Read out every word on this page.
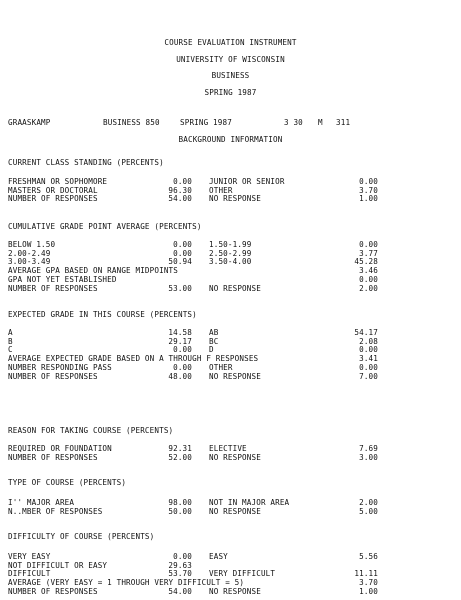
COURSE EVALUATION INSTRUMENT
UNIVERSITY OF WISCONSIN
BUSINESS
SPRING 1987
GRAASKAMP	BUSINESS 850	SPRING 1987	3 30 M 311
BACKGROUND INFORMATION
CURRENT CLASS STANDING (PERCENTS)
FRESHMAN OR SOPHOMORE	0.00 JUNIOR OR SENIOR	0.00
MASTERS OR DOCTORAL	96.30 OTHER	3.70
NUMBER OF RESPONSES	54.00 NO RESPONSE	1.00
CUMULATIVE GRADE POINT AVERAGE (PERCENTS)
BELOW 1.50	0.00 1.50-1.99	0.00
2.00-2.49	0.00 2.50-2.99	3.77
3.00-3.49	50.94 3.50-4.00	45.28
AVERAGE GPA BASED ON RANGE MIDPOINTS	3.46
GPA NOT YET ESTABLISHED	0.00
NUMBER OF RESPONSES	53.00 NO RESPONSE	2.00
EXPECTED GRADE IN THIS COURSE (PERCENTS)
A	14.58 AB	54.17
B	29.17 BC	2.08
C	0.00 D	0.00
AVERAGE EXPECTED GRADE BASED ON A THROUGH F RESPONSES	3.41
NUMBER RESPONDING PASS	0.00 OTHER	0.00
NUMBER OF RESPONSES	48.00 NO RESPONSE	7.00
REASON FOR TAKING COURSE (PERCENTS)
REQUIRED OR FOUNDATION	92.31 ELECTIVE	7.69
NUMBER OF RESPONSES	52.00 NO RESPONSE	3.00
TYPE OF COURSE (PERCENTS)
I'' MAJOR AREA	98.00 NOT IN MAJOR AREA	2.00
N..MBER OF RESPONSES	50.00 NO RESPONSE	5.00
DIFFICULTY OF COURSE (PERCENTS)
VERY EASY	0.00 EASY	5.56
NOT DIFFICULT OR EASY	29.63
DIFFICULT	53.70 VERY DIFFICULT	11.11
AVERAGE (VERY EASY = 1 THROUGH VERY DIFFICULT = 5)	3.70
NUMBER OF RESPONSES	54.00 NO RESPONSE	1.00
